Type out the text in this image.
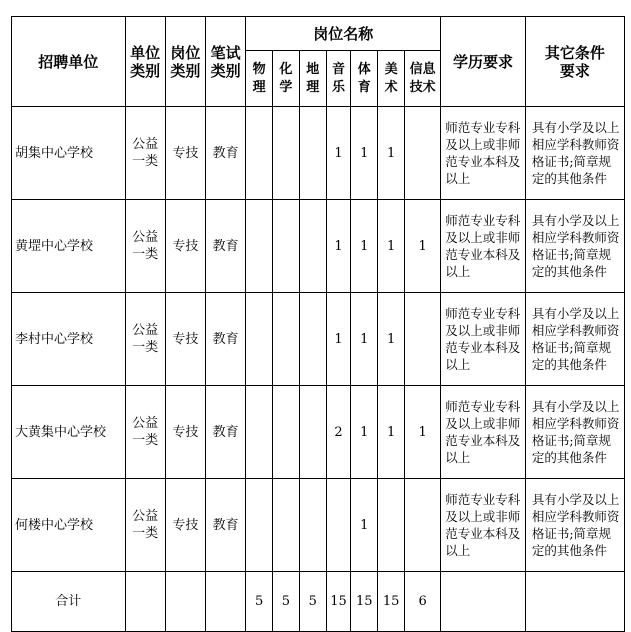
招聘单位	单位类别	岗位类别	笔试类别	岗位名称							学历要求	其它条件要求
				物理	化学	地理	音乐	体育	美术	信息技术		
胡集中心学校	公益一类	专技	教育				1	1	1		师范专业专科及以上或非师范专业本科及以上	具有小学及以上相应学科教师资格证书;简章规定的其他条件
黄堽中心学校	公益一类	专技	教育				1	1	1	1	师范专业专科及以上或非师范专业本科及以上	具有小学及以上相应学科教师资格证书;简章规定的其他条件
李村中心学校	公益一类	专技	教育				1	1	1		师范专业专科及以上或非师范专业本科及以上	具有小学及以上相应学科教师资格证书;简章规定的其他条件
大黄集中心学校	公益一类	专技	教育				2	1	1	1	师范专业专科及以上或非师范专业本科及以上	具有小学及以上相应学科教师资格证书;简章规定的其他条件
何楼中心学校	公益一类	专技	教育					1			师范专业专科及以上或非师范专业本科及以上	具有小学及以上相应学科教师资格证书;简章规定的其他条件
合计				5	5	5	15	15	15	6		
